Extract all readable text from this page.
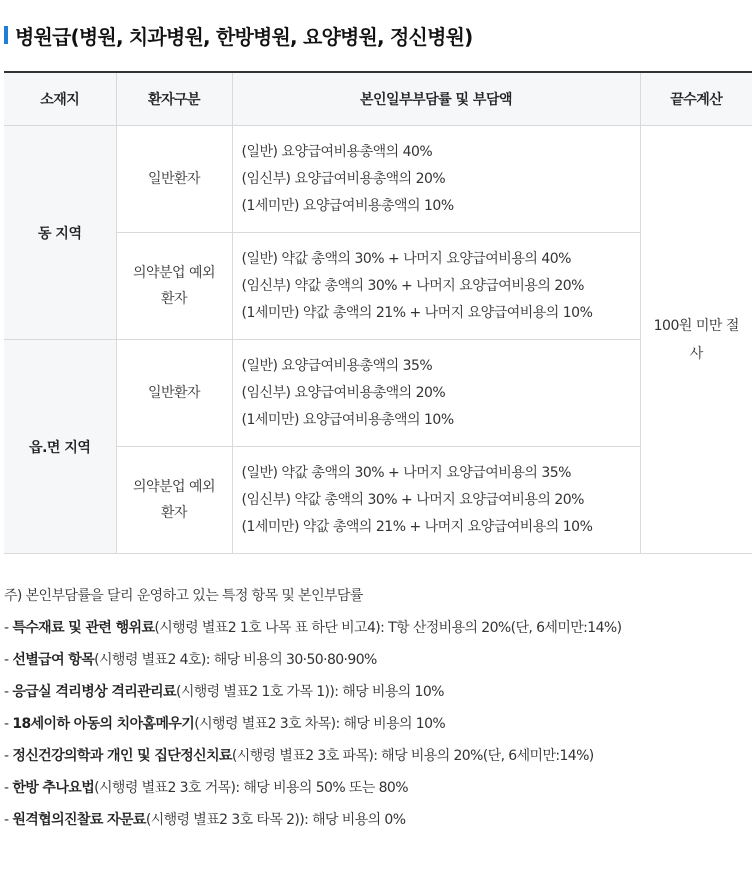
병원급(병원, 치과병원, 한방병원, 요양병원, 정신병원)
소재지	환자구분	본인일부부담률 및 부담액	끝수계산
동 지역	일반환자	(일반) 요양급여비용총액의 40%
(임신부) 요양급여비용총액의 20%
(1세미만) 요양급여비용총액의 10%	100원 미만 절사
	의약분업 예외환자	(일반) 약값 총액의 30% + 나머지 요양급여비용의 40%
(임신부) 약값 총액의 30% + 나머지 요양급여비용의 20%
(1세미만) 약값 총액의 21% + 나머지 요양급여비용의 10%	

읍.면 지역	일반환자	(일반) 요양급여비용총액의 35%
(임신부) 요양급여비용총액의 20%
(1세미만) 요양급여비용총액의 10%	

	의약분업 예외환자	(일반) 약값 총액의 30% + 나머지 요양급여비용의 35%
(임신부) 약값 총액의 30% + 나머지 요양급여비용의 20%
(1세미만) 약값 총액의 21% + 나머지 요양급여비용의 10%	
주) 본인부담률을 달리 운영하고 있는 특정 항목 및 본인부담률
- 특수재료 및 관련 행위료(시행령 별표2 1호 나목 표 하단 비고4): T항 산정비용의 20%(단, 6세미만:14%)
- 선별급여 항목(시행령 별표2 4호): 해당 비용의 30·50·80·90%
- 응급실 격리병상 격리관리료(시행령 별표2 1호 가목 1)): 해당 비용의 10%
- 18세이하 아동의 치아홈메우기(시행령 별표2 3호 차목): 해당 비용의 10%
- 정신건강의학과 개인 및 집단정신치료(시행령 별표2 3호 파목): 해당 비용의 20%(단, 6세미만:14%)
- 한방 추나요법(시행령 별표2 3호 거목): 해당 비용의 50% 또는 80%
- 원격협의진찰료 자문료(시행령 별표2 3호 타목 2)): 해당 비용의 0%
